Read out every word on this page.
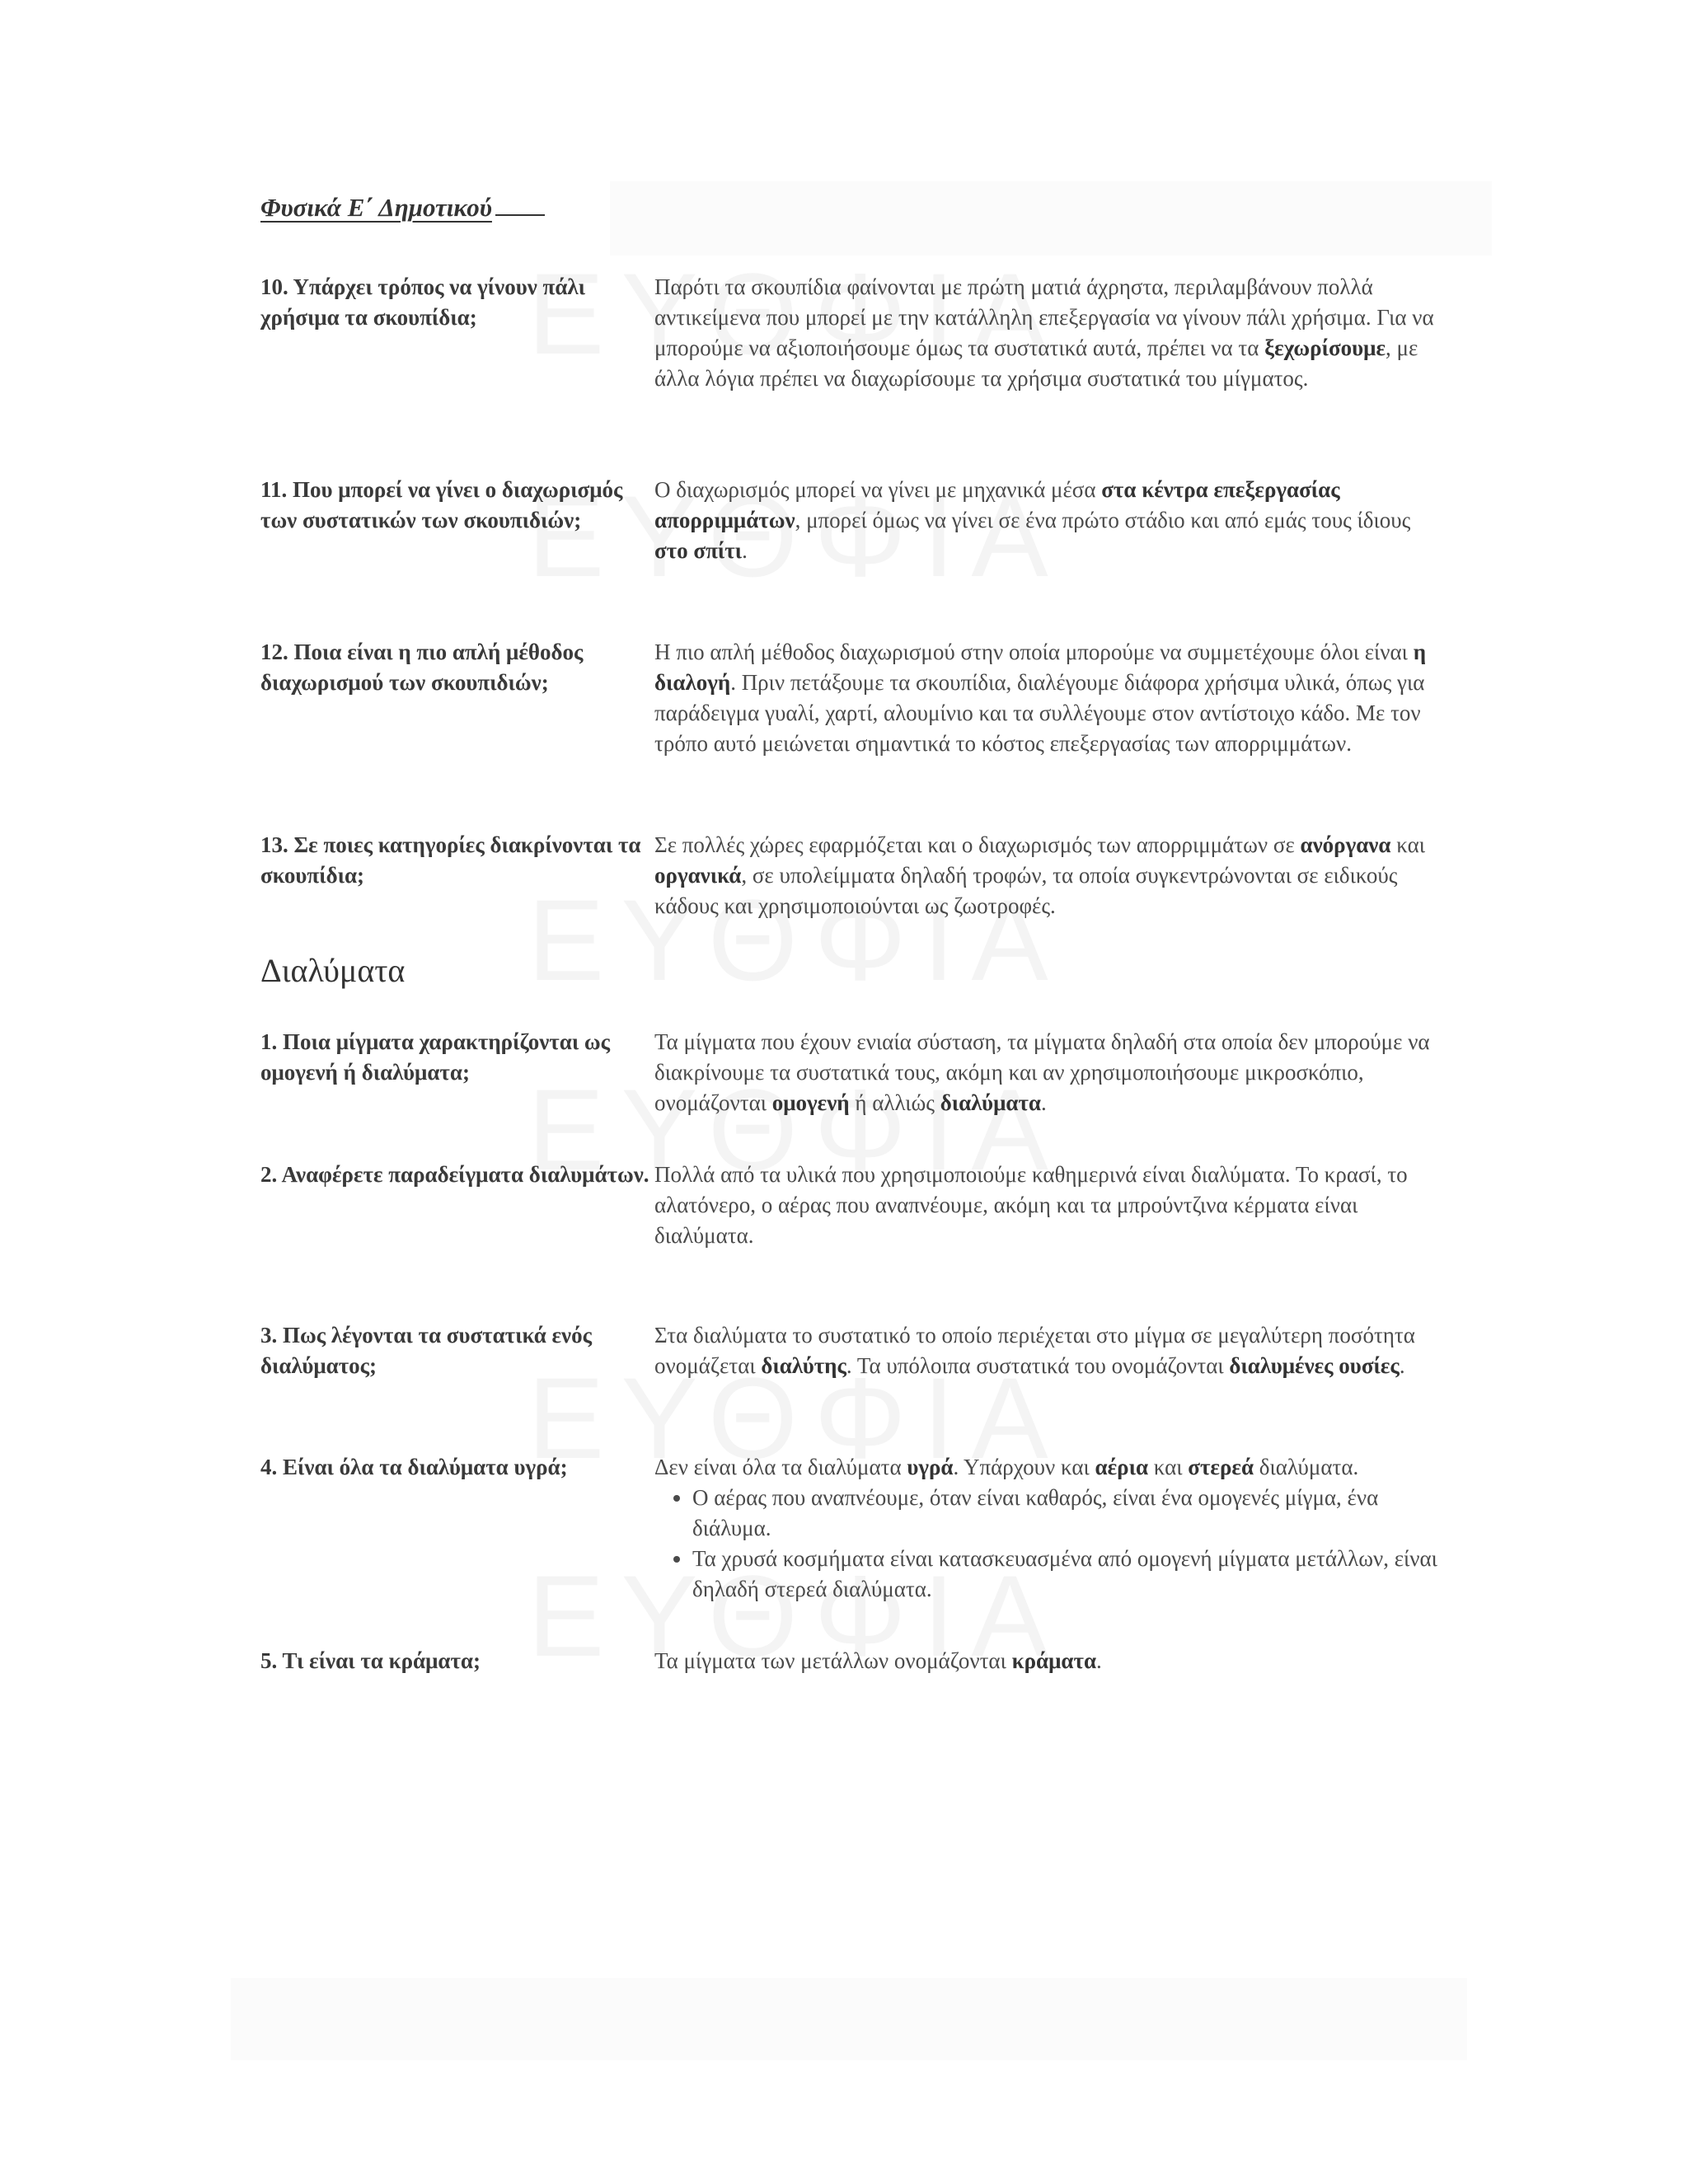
Φυσικά Ε΄ Δημοτικού
10. Υπάρχει τρόπος να γίνουν πάλι χρήσιμα τα σκουπίδια;
Παρότι τα σκουπίδια φαίνονται με πρώτη ματιά άχρηστα, περιλαμβάνουν πολλά αντικείμενα που μπορεί με την κατάλληλη επεξεργασία να γίνουν πάλι χρήσιμα. Για να μπορούμε να αξιοποιήσουμε όμως τα συστατικά αυτά, πρέπει να τα ξεχωρίσουμε, με άλλα λόγια πρέπει να διαχωρίσουμε τα χρήσιμα συστατικά του μίγματος.
11. Που μπορεί να γίνει ο διαχωρισμός των συστατικών των σκουπιδιών;
Ο διαχωρισμός μπορεί να γίνει με μηχανικά μέσα στα κέντρα επεξεργασίας απορριμμάτων, μπορεί όμως να γίνει σε ένα πρώτο στάδιο και από εμάς τους ίδιους στο σπίτι.
12. Ποια είναι η πιο απλή μέθοδος διαχωρισμού των σκουπιδιών;
Η πιο απλή μέθοδος διαχωρισμού στην οποία μπορούμε να συμμετέχουμε όλοι είναι η διαλογή. Πριν πετάξουμε τα σκουπίδια, διαλέγουμε διάφορα χρήσιμα υλικά, όπως για παράδειγμα γυαλί, χαρτί, αλουμίνιο και τα συλλέγουμε στον αντίστοιχο κάδο. Με τον τρόπο αυτό μειώνεται σημαντικά το κόστος επεξεργασίας των απορριμμάτων.
13. Σε ποιες κατηγορίες διακρίνονται τα σκουπίδια;
Σε πολλές χώρες εφαρμόζεται και ο διαχωρισμός των απορριμμάτων σε ανόργανα και οργανικά, σε υπολείμματα δηλαδή τροφών, τα οποία συγκεντρώνονται σε ειδικούς κάδους και χρησιμοποιούνται ως ζωοτροφές.
Διαλύματα
1. Ποια μίγματα χαρακτηρίζονται ως ομογενή ή διαλύματα;
Τα μίγματα που έχουν ενιαία σύσταση, τα μίγματα δηλαδή στα οποία δεν μπορούμε να διακρίνουμε τα συστατικά τους, ακόμη και αν χρησιμοποιήσουμε μικροσκόπιο, ονομάζονται ομογενή ή αλλιώς διαλύματα.
2. Αναφέρετε παραδείγματα διαλυμάτων. Πολλά από τα υλικά που χρησιμοποιούμε καθημερινά είναι διαλύματα. Το κρασί, το αλατόνερο, ο αέρας που αναπνέουμε, ακόμη και τα μπρούντζινα κέρματα είναι διαλύματα.
3. Πως λέγονται τα συστατικά ενός διαλύματος;
Στα διαλύματα το συστατικό το οποίο περιέχεται στο μίγμα σε μεγαλύτερη ποσότητα ονομάζεται διαλύτης. Τα υπόλοιπα συστατικά του ονομάζονται διαλυμένες ουσίες.
4. Είναι όλα τα διαλύματα υγρά;	Δεν είναι όλα τα διαλύματα υγρά. Υπάρχουν και αέρια και στερεά διαλύματα.
• Ο αέρας που αναπνέουμε, όταν είναι καθαρός, είναι ένα ομογενές μίγμα, ένα διάλυμα.
• Τα χρυσά κοσμήματα είναι κατασκευασμένα από ομογενή μίγματα μετάλλων, είναι δηλαδή στερεά διαλύματα.
5. Τι είναι τα κράματα;	Τα μίγματα των μετάλλων ονομάζονται κράματα.
